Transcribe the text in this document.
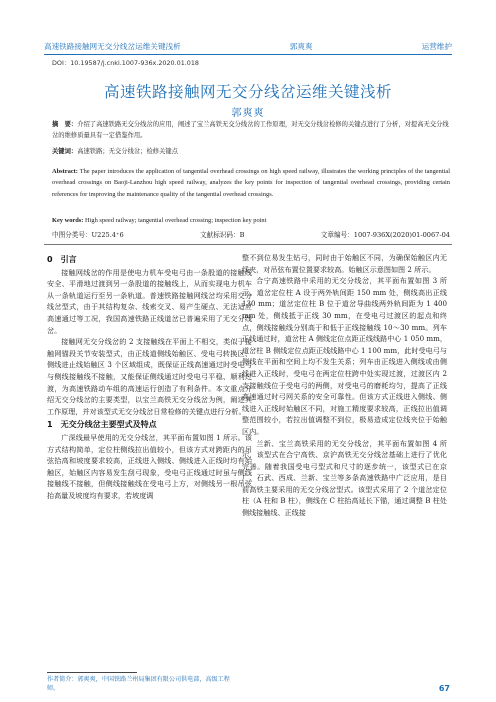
高速铁路接触网无交分线岔运维关键浅析	郭爽爽	运营维护
DOI：10.19587/j.cnki.1007-936x.2020.01.018
高速铁路接触网无交分线岔运维关键浅析
郭爽爽
摘　要：介绍了高速铁路无交分线岔的应用，阐述了宝兰高铁无交分线岔的工作原理，对无交分线岔检修的关键点进行了分析，对提高无交分线岔的维修质量具有一定借鉴作用。
关键词：高速铁路；无交分线岔；检修关键点
Abstract: The paper introduces the application of tangential overhead crossings on high speed railway, illustrates the working principles of the tangential overhead crossings on Baoji-Lanzhou high speed railway, analyzes the key points for inspection of tangential overhead crossings, providing certain references for improving the maintenance quality of the tangential overhead crossings.
Key words: High speed railway; tangential overhead crossing; inspection key point
中图分类号：U225.4⁺6	文献标识码：B	文章编号：1007-936X(2020)01-0067-04
0　引言

接触网线岔的作用是使电力机车受电弓由一条股道的接触线安全、平滑地过渡到另一条股道的接触线上，从而实现电力机车从一条轨道运行至另一条轨道。普速铁路接触网线岔均采用交分线岔型式，由于其结构复杂、线索交叉、易产生硬点、无法适应高速通过等工况，我国高速铁路正线道岔已普遍采用了无交分线岔。

接触网无交分线岔的 2 支接触线在平面上不相交，类似于接触网锚段关节安装型式，由正线道侧线始触区、受电弓转换区、侧线进止线始触区 3 个区域组成，既保证正线高速通过时受电弓与侧线接触线不接触，又能保证侧线通过时受电弓平稳、顺利过渡，为高速铁路动车组的高速运行创造了有利条件。本文重点介绍无交分线岔的主要类型，以宝兰高铁无交分线岔为例，阐述其工作原理，并对该型式无交分线岔日常检修的关键点进行分析。

1　无交分线岔主要型式及特点

广深线最早使用的无交分线岔，其平面布置如图 1 所示。该方式结构简单，定位柱侧线拉出值较小，但该方式对跨距内的吊弦拾高和坡度要求较高，正线进入侧线、侧线进入正线时均有始触区，始触区内容易发生刮弓现象，受电弓正线通过时虽与侧线接触线不接触，但侧线接触线在受电弓上方，对侧线另一根吊弦抬高量及坡度均有要求，若坡度调

整不到位易发生钻弓，同时由于始触区不同，为确保始触区内无线夹，对吊弦布置位置要求较高。始触区示意图如图 2 所示。

合宁高速铁路中采用的无交分线岔，其平面布置如图 3 所示。道岔定位柱 A 设于两外轨间距 150 mm 处，侧线高出正线 130 mm；道岔定位柱 B 位于道岔导曲线两外轨间距为 1 400 mm 处，侧线抵于正线 30 mm，在受电弓过渡区的起点和终点，侧线接触线分别高于和低于正线接触线 10～30 mm。列车正线通过时，道岔柱 A 侧线定位点距正线线路中心 1 050 mm，道岔柱 B 侧线定位点距正线线路中心 1 100 mm，此时受电弓与侧线在平面和空间上均不发生关系；列车由正线进入侧线或由侧线进入正线时，受电弓在两定位柱跨中处实现过渡，过渡区内 2 支接触线位于受电弓的两侧，对受电弓的磨耗均匀，提高了正线高速通过时弓网关系的安全可靠性。但该方式正线进入侧线、侧线进入正线时始触区不同，对施工精度要求较高，正线拉出值调整范围较小，若拉出值调整不到位，极易造成定位线夹位于始触区内。

兰新、宝兰高铁采用的无交分线岔，其平面布置如图 4 所示，该型式在合宁高铁、京沪高铁无交分线岔基础上进行了优化完善。随着我国受电弓型式和尺寸的逐步统一，该型式已在京广、石武、西成、兰新、宝兰等多条高速铁路中广泛应用，是目前高铁主要采用的无交分线岔型式。该型式采用了 2 个道岔定位柱（A 柱和 B 柱），侧线在 C 柱抬高延长下锚，通过调整 B 柱处侧线接触线、正线接

作者简介：郭爽爽，中国铁路兰州局集团有限公司供电部，高级工程师。	67
